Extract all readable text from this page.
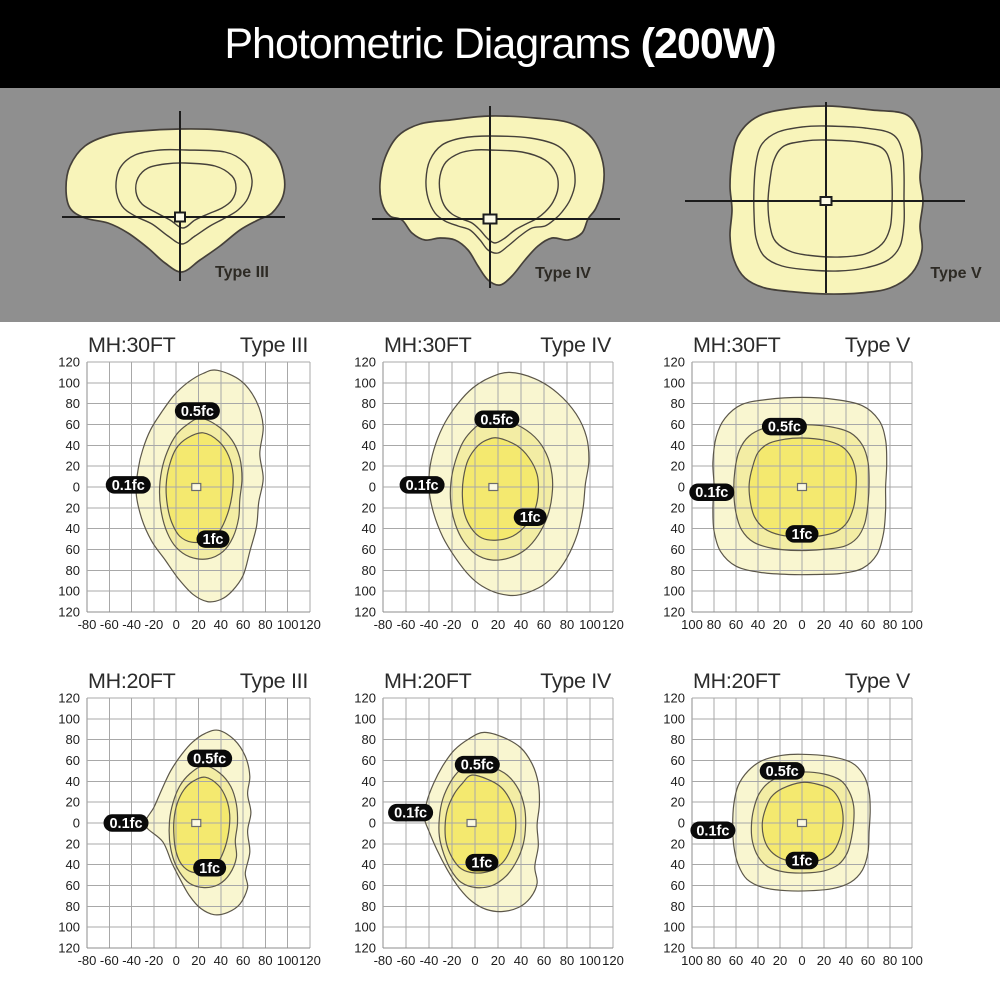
Photometric Diagrams (200W)
Type III	Type IV	Type V
0.5fc
0.1fc
1fc
MH:30FT	Type III
120
100
80
60
40
20
0
20
40
60
80
100
120
-80 -60 -40 -20 0 20 40 60 80 100 120
0.5fc
0.1fc
1fc
MH:30FT	Type IV
120
100
80
60
40
20
0
20
40
60
80
100
120
-80 -60 -40 -20 0 20 40 60 80 100 120
0.5fc
0.1fc
1fc
MH:30FT	Type V
120
100
80
60
40
20
0
20
40
60
80
100
120
100 80 60 40 20 0 20 40 60 80 100
0.5fc
0.1fc
1fc
MH:20FT	Type III
120
100
80
60
40
20
0
20
40
60
80
100
120
-80 -60 -40 -20 0 20 40 60 80 100 120
0.5fc
0.1fc
1fc
MH:20FT	Type IV
120
100
80
60
40
20
0
20
40
60
80
100
120
-80 -60 -40 -20 0 20 40 60 80 100 120
0.5fc
0.1fc
1fc
MH:20FT	Type V
120
100
80
60
40
20
0
20
40
60
80
100
120
100 80 60 40 20 0 20 40 60 80 100
